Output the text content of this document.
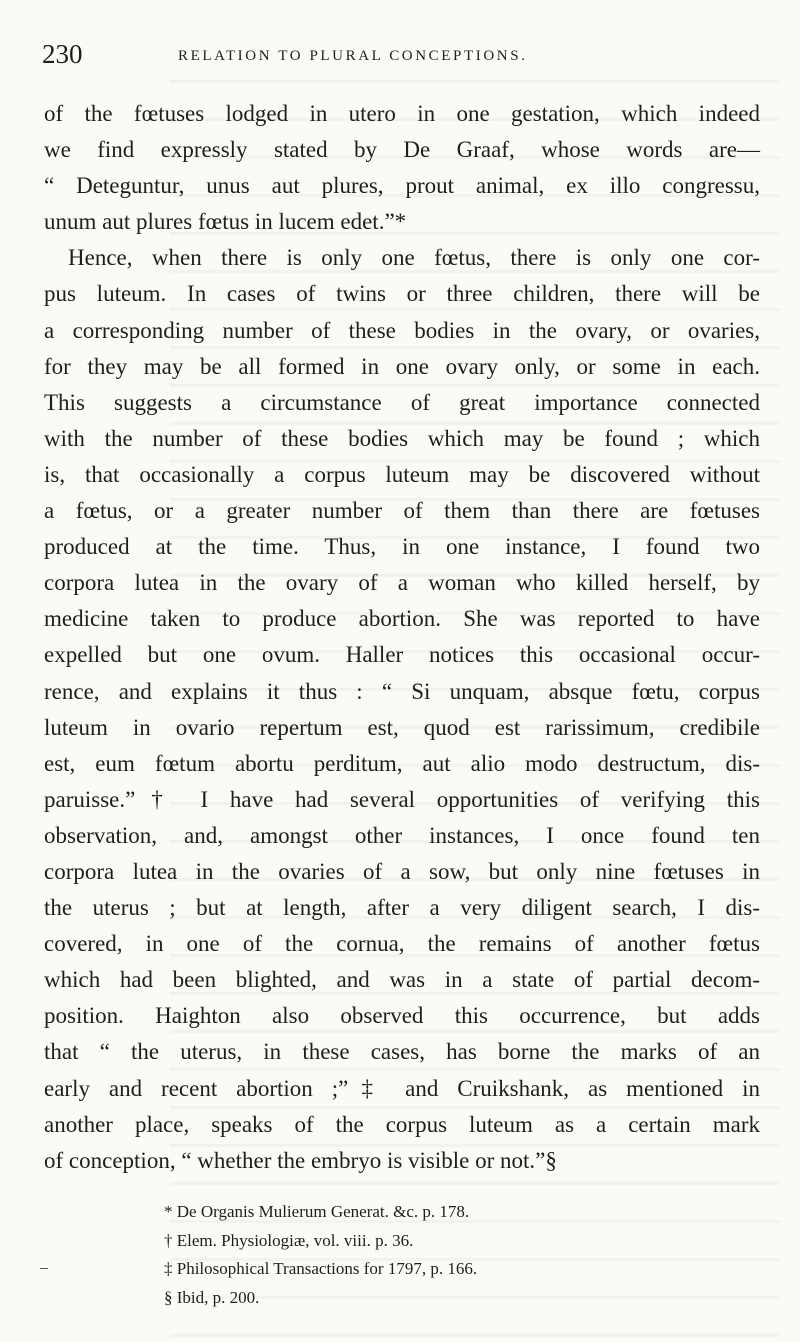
230	RELATION TO PLURAL CONCEPTIONS.
of the fœtuses lodged in utero in one gestation, which indeed
we find expressly stated by De Graaf, whose words are—
“ Deteguntur, unus aut plures, prout animal, ex illo congressu,
unum aut plures fœtus in lucem edet.”*
Hence, when there is only one fœtus, there is only one cor-
pus luteum. In cases of twins or three children, there will be
a corresponding number of these bodies in the ovary, or ovaries,
for they may be all formed in one ovary only, or some in each.
This suggests a circumstance of great importance connected
with the number of these bodies which may be found ; which
is, that occasionally a corpus luteum may be discovered without
a fœtus, or a greater number of them than there are fœtuses
produced at the time. Thus, in one instance, I found two
corpora lutea in the ovary of a woman who killed herself, by
medicine taken to produce abortion. She was reported to have
expelled but one ovum. Haller notices this occasional occur-
rence, and explains it thus : “ Si unquam, absque fœtu, corpus
luteum in ovario repertum est, quod est rarissimum, credibile
est, eum fœtum abortu perditum, aut alio modo destructum, dis-
paruisse.”† I have had several opportunities of verifying this
observation, and, amongst other instances, I once found ten
corpora lutea in the ovaries of a sow, but only nine fœtuses in
the uterus ; but at length, after a very diligent search, I dis-
covered, in one of the cornua, the remains of another fœtus
which had been blighted, and was in a state of partial decom-
position. Haighton also observed this occurrence, but adds
that “ the uterus, in these cases, has borne the marks of an
early and recent abortion ;”‡ and Cruikshank, as mentioned in
another place, speaks of the corpus luteum as a certain mark
of conception, “ whether the embryo is visible or not.”§
* De Organis Mulierum Generat. &c. p. 178.
† Elem. Physiologiæ, vol. viii. p. 36.
‡ Philosophical Transactions for 1797, p. 166.
§ Ibid, p. 200.
